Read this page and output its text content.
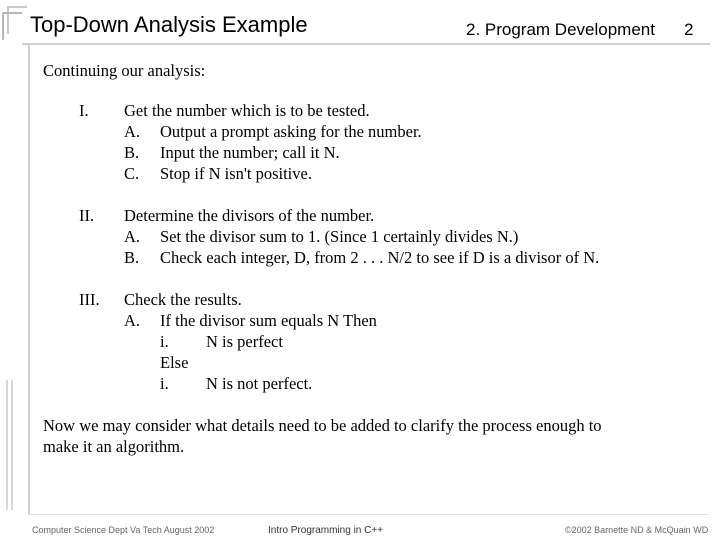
Top-Down Analysis Example	2. Program Development 2
Continuing our analysis:
I. Get the number which is to be tested.
A. Output a prompt asking for the number.
B. Input the number; call it N.
C. Stop if N isn't positive.
II. Determine the divisors of the number.
A. Set the divisor sum to 1. (Since 1 certainly divides N.)
B. Check each integer, D, from 2 . . . N/2 to see if D is a divisor of N.
III. Check the results.
A. If the divisor sum equals N Then
i. N is perfect
Else
i. N is not perfect.
Now we may consider what details need to be added to clarify the process enough to
make it an algorithm.
Computer Science Dept Va Tech August 2002	Intro Programming in C++	©2002 Barnette ND & McQuain WD
